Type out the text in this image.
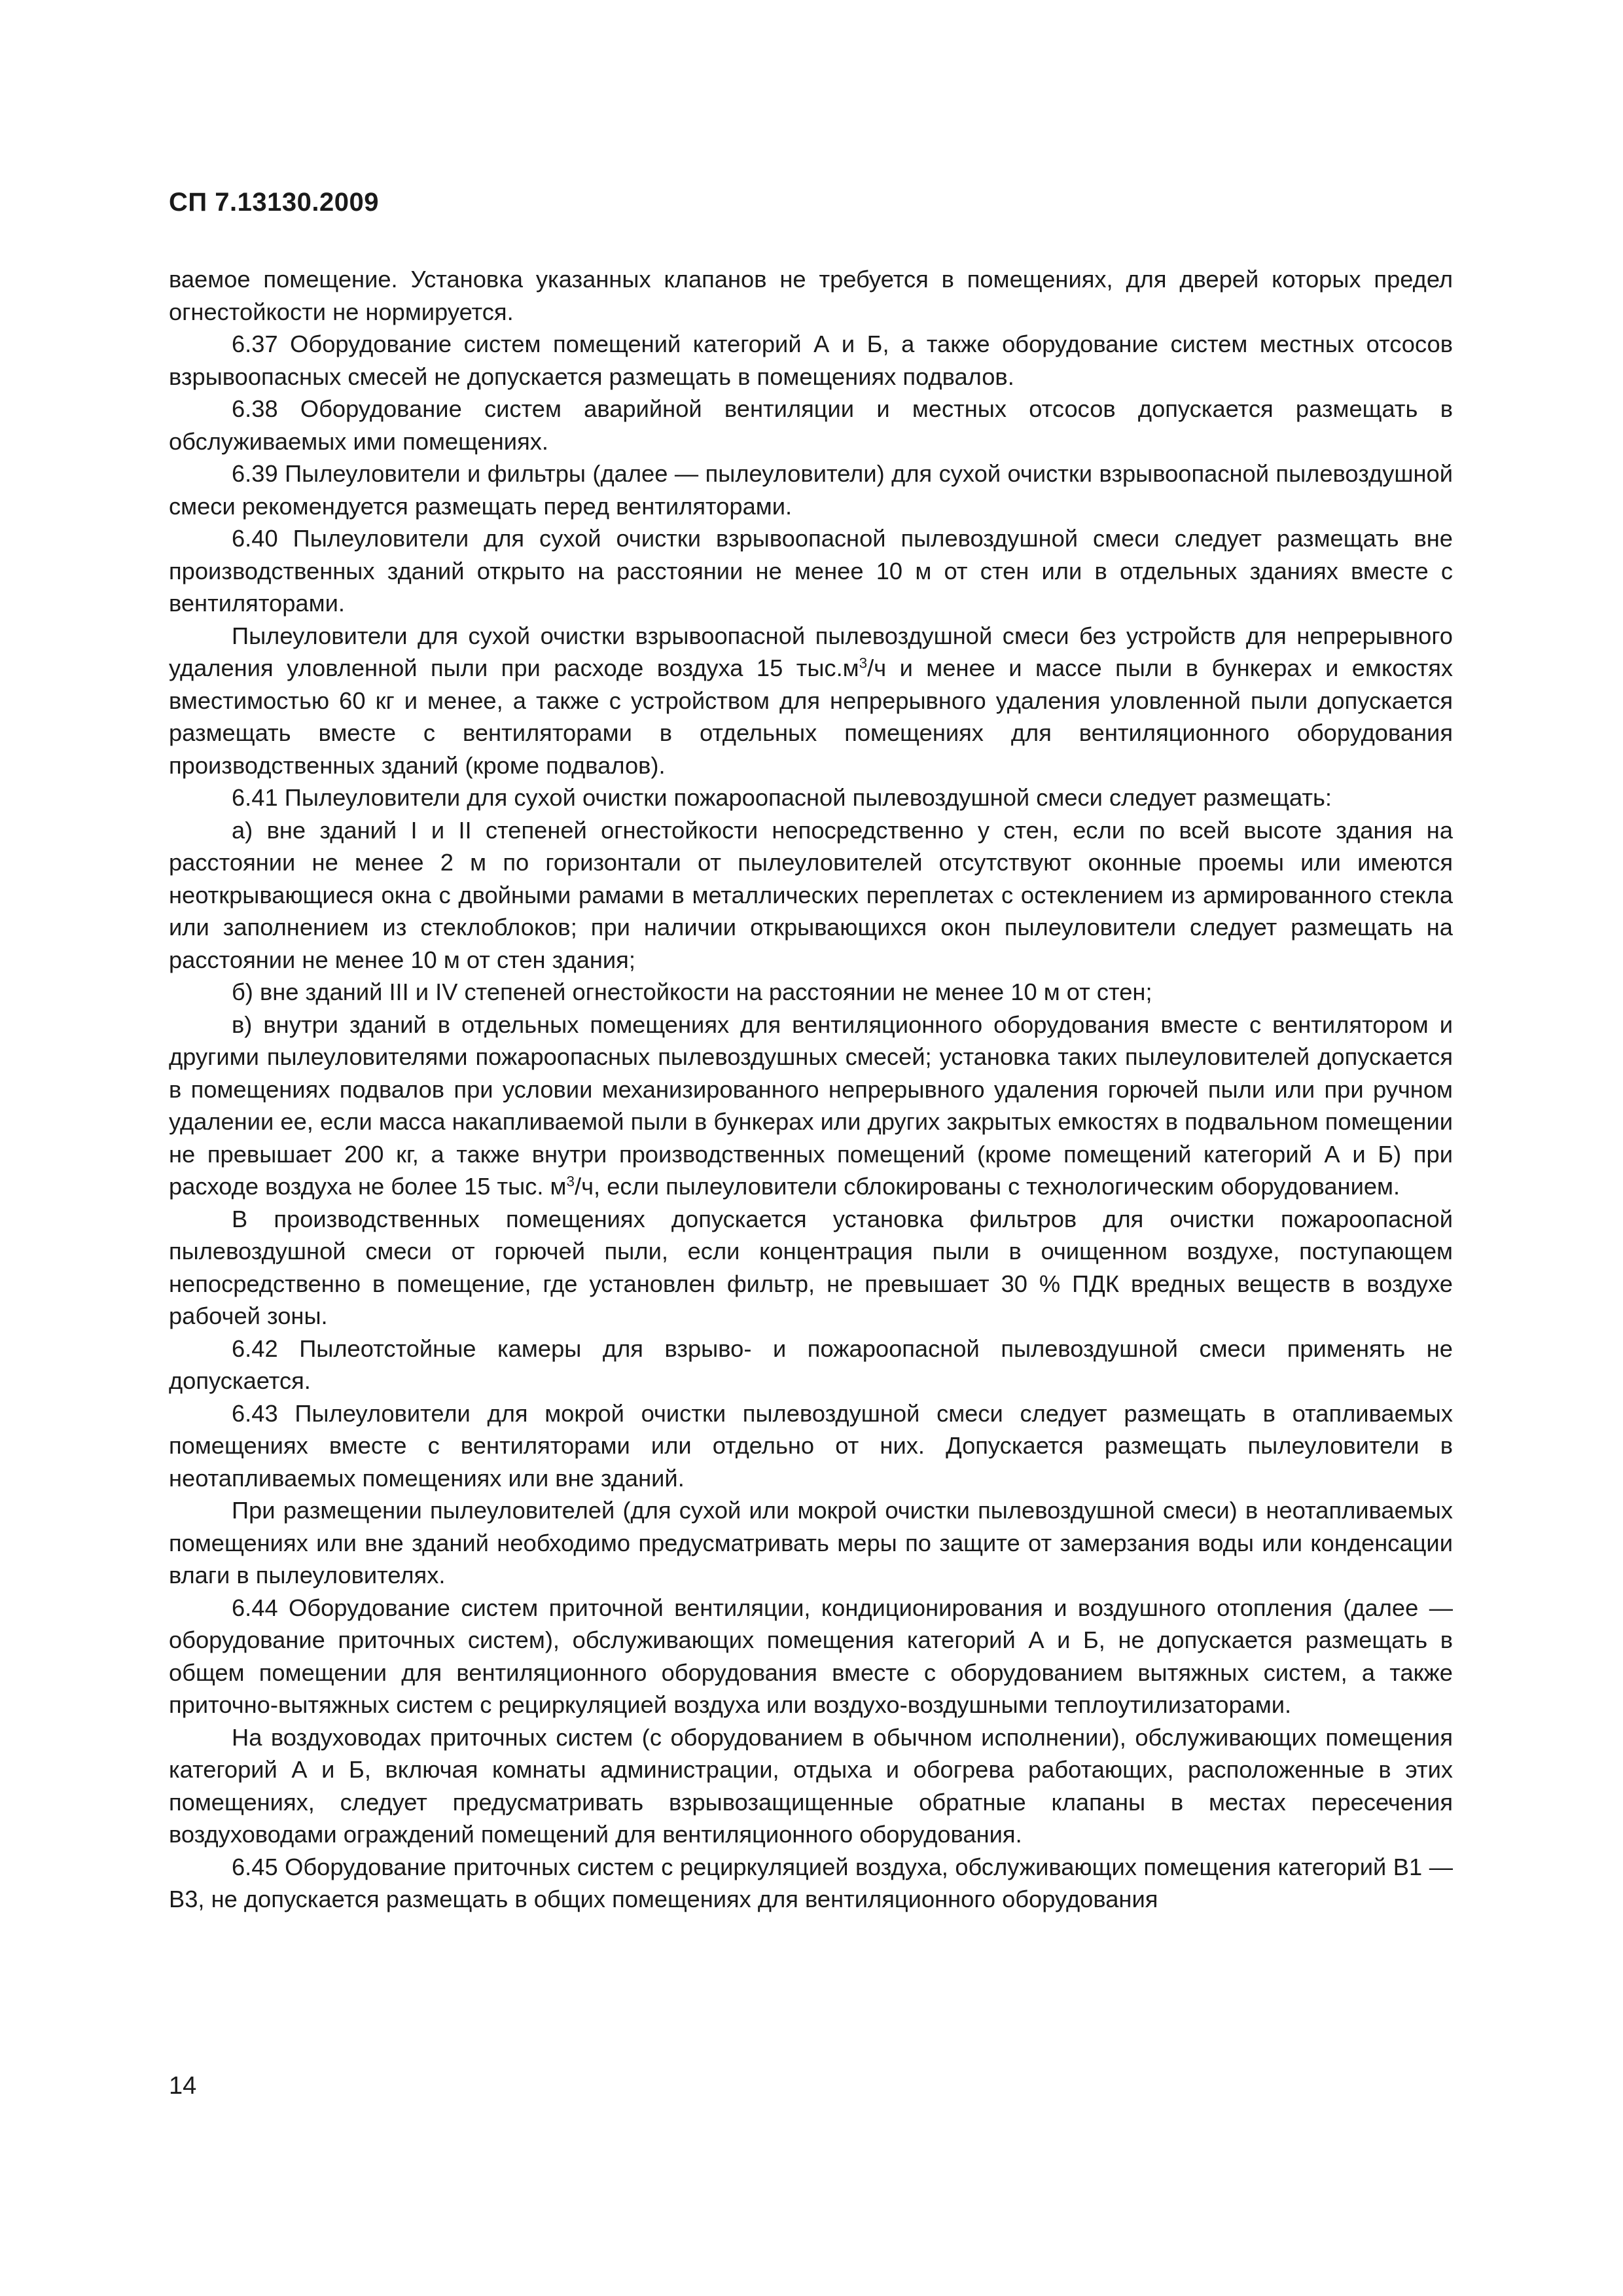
СП 7.13130.2009

ваемое помещение. Установка указанных клапанов не требуется в помещениях, для дверей которых предел огнестойкости не нормируется.

6.37 Оборудование систем помещений категорий А и Б, а также оборудование систем местных отсосов взрывоопасных смесей не допускается размещать в помещениях подвалов.

6.38 Оборудование систем аварийной вентиляции и местных отсосов допускается размещать в обслуживаемых ими помещениях.

6.39 Пылеуловители и фильтры (далее — пылеуловители) для сухой очистки взрывоопасной пылевоздушной смеси рекомендуется размещать перед вентиляторами.

6.40 Пылеуловители для сухой очистки взрывоопасной пылевоздушной смеси следует размещать вне производственных зданий открыто на расстоянии не менее 10 м от стен или в отдельных зданиях вместе с вентиляторами.

Пылеуловители для сухой очистки взрывоопасной пылевоздушной смеси без устройств для непрерывного удаления уловленной пыли при расходе воздуха 15 $тыс.м^3/ч$ и менее и массе пыли в бункерах и емкостях вместимостью 60 кг и менее, а также с устройством для непрерывного удаления уловленной пыли допускается размещать вместе с вентиляторами в отдельных помещениях для вентиляционного оборудования производственных зданий (кроме подвалов).

6.41 Пылеуловители для сухой очистки пожароопасной пылевоздушной смеси следует размещать:

а) вне зданий I и II степеней огнестойкости непосредственно у стен, если по всей высоте здания на расстоянии не менее 2 м по горизонтали от пылеуловителей отсутствуют оконные проемы или имеются неоткрывающиеся окна с двойными рамами в металлических переплетах с остеклением из армированного стекла или заполнением из стеклоблоков; при наличии открывающихся окон пылеуловители следует размещать на расстоянии не менее 10 м от стен здания;

б) вне зданий III и IV степеней огнестойкости на расстоянии не менее 10 м от стен;

в) внутри зданий в отдельных помещениях для вентиляционного оборудования вместе с вентилятором и другими пылеуловителями пожароопасных пылевоздушных смесей; установка таких пылеуловителей допускается в помещениях подвалов при условии механизированного непрерывного удаления горючей пыли или при ручном удалении ее, если масса накапливаемой пыли в бункерах или других закрытых емкостях в подвальном помещении не превышает 200 кг, а также внутри производственных помещений (кроме помещений категорий А и Б) при расходе воздуха не более 15 тыс. $м^3/ч$, если пылеуловители сблокированы с технологическим оборудованием.

В производственных помещениях допускается установка фильтров для очистки пожароопасной пылевоздушной смеси от горючей пыли, если концентрация пыли в очищенном воздухе, поступающем непосредственно в помещение, где установлен фильтр, не превышает 30 % ПДК вредных веществ в воздухе рабочей зоны.

6.42 Пылеотстойные камеры для взрыво- и пожароопасной пылевоздушной смеси применять не допускается.

6.43 Пылеуловители для мокрой очистки пылевоздушной смеси следует размещать в отапливаемых помещениях вместе с вентиляторами или отдельно от них. Допускается размещать пылеуловители в неотапливаемых помещениях или вне зданий.

При размещении пылеуловителей (для сухой или мокрой очистки пылевоздушной смеси) в неотапливаемых помещениях или вне зданий необходимо предусматривать меры по защите от замерзания воды или конденсации влаги в пылеуловителях.

6.44 Оборудование систем приточной вентиляции, кондиционирования и воздушного отопления (далее — оборудование приточных систем), обслуживающих помещения категорий А и Б, не допускается размещать в общем помещении для вентиляционного оборудования вместе с оборудованием вытяжных систем, а также приточно-вытяжных систем с рециркуляцией воздуха или воздухо-воздушными теплоутилизаторами.

На воздуховодах приточных систем (с оборудованием в обычном исполнении), обслуживающих помещения категорий А и Б, включая комнаты администрации, отдыха и обогрева работающих, расположенные в этих помещениях, следует предусматривать взрывозащищенные обратные клапаны в местах пересечения воздуховодами ограждений помещений для вентиляционного оборудования.

6.45 Оборудование приточных систем с рециркуляцией воздуха, обслуживающих помещения категорий В1 — В3, не допускается размещать в общих помещениях для вентиляционного оборудования

14
